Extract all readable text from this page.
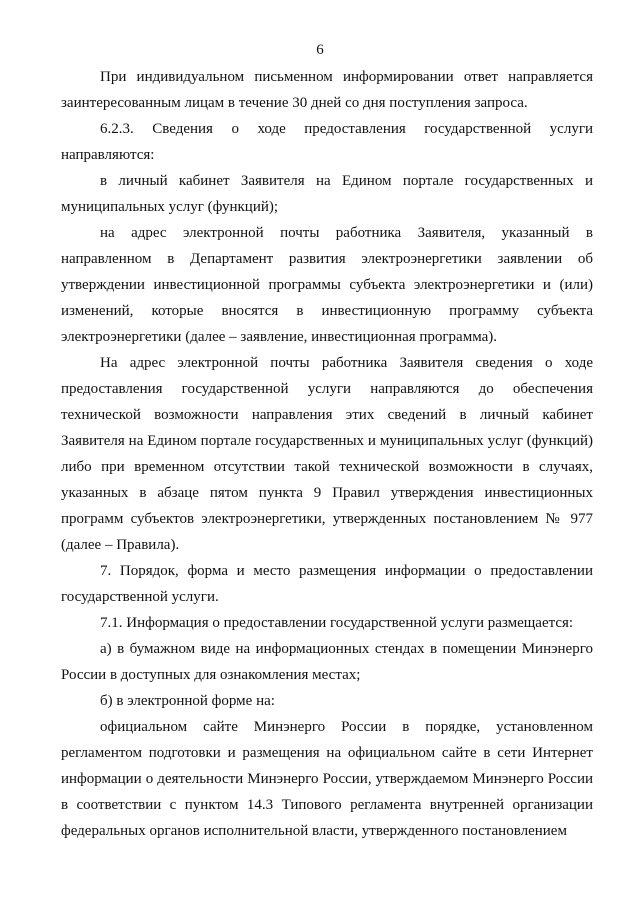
6

При индивидуальном письменном информировании ответ направляется заинтересованным лицам в течение 30 дней со дня поступления запроса.

6.2.3. Сведения о ходе предоставления государственной услуги направляются:

в личный кабинет Заявителя на Едином портале государственных и муниципальных услуг (функций);

на адрес электронной почты работника Заявителя, указанный в направленном в Департамент развития электроэнергетики заявлении об утверждении инвестиционной программы субъекта электроэнергетики и (или) изменений, которые вносятся в инвестиционную программу субъекта электроэнергетики (далее – заявление, инвестиционная программа).

На адрес электронной почты работника Заявителя сведения о ходе предоставления государственной услуги направляются до обеспечения технической возможности направления этих сведений в личный кабинет Заявителя на Едином портале государственных и муниципальных услуг (функций) либо при временном отсутствии такой технической возможности в случаях, указанных в абзаце пятом пункта 9 Правил утверждения инвестиционных программ субъектов электроэнергетики, утвержденных постановлением № 977 (далее – Правила).

7. Порядок, форма и место размещения информации о предоставлении государственной услуги.

7.1. Информация о предоставлении государственной услуги размещается:

а) в бумажном виде на информационных стендах в помещении Минэнерго России в доступных для ознакомления местах;

б) в электронной форме на:

официальном сайте Минэнерго России в порядке, установленном регламентом подготовки и размещения на официальном сайте в сети Интернет информации о деятельности Минэнерго России, утверждаемом Минэнерго России в соответствии с пунктом 14.3 Типового регламента внутренней организации федеральных органов исполнительной власти, утвержденного постановлением
